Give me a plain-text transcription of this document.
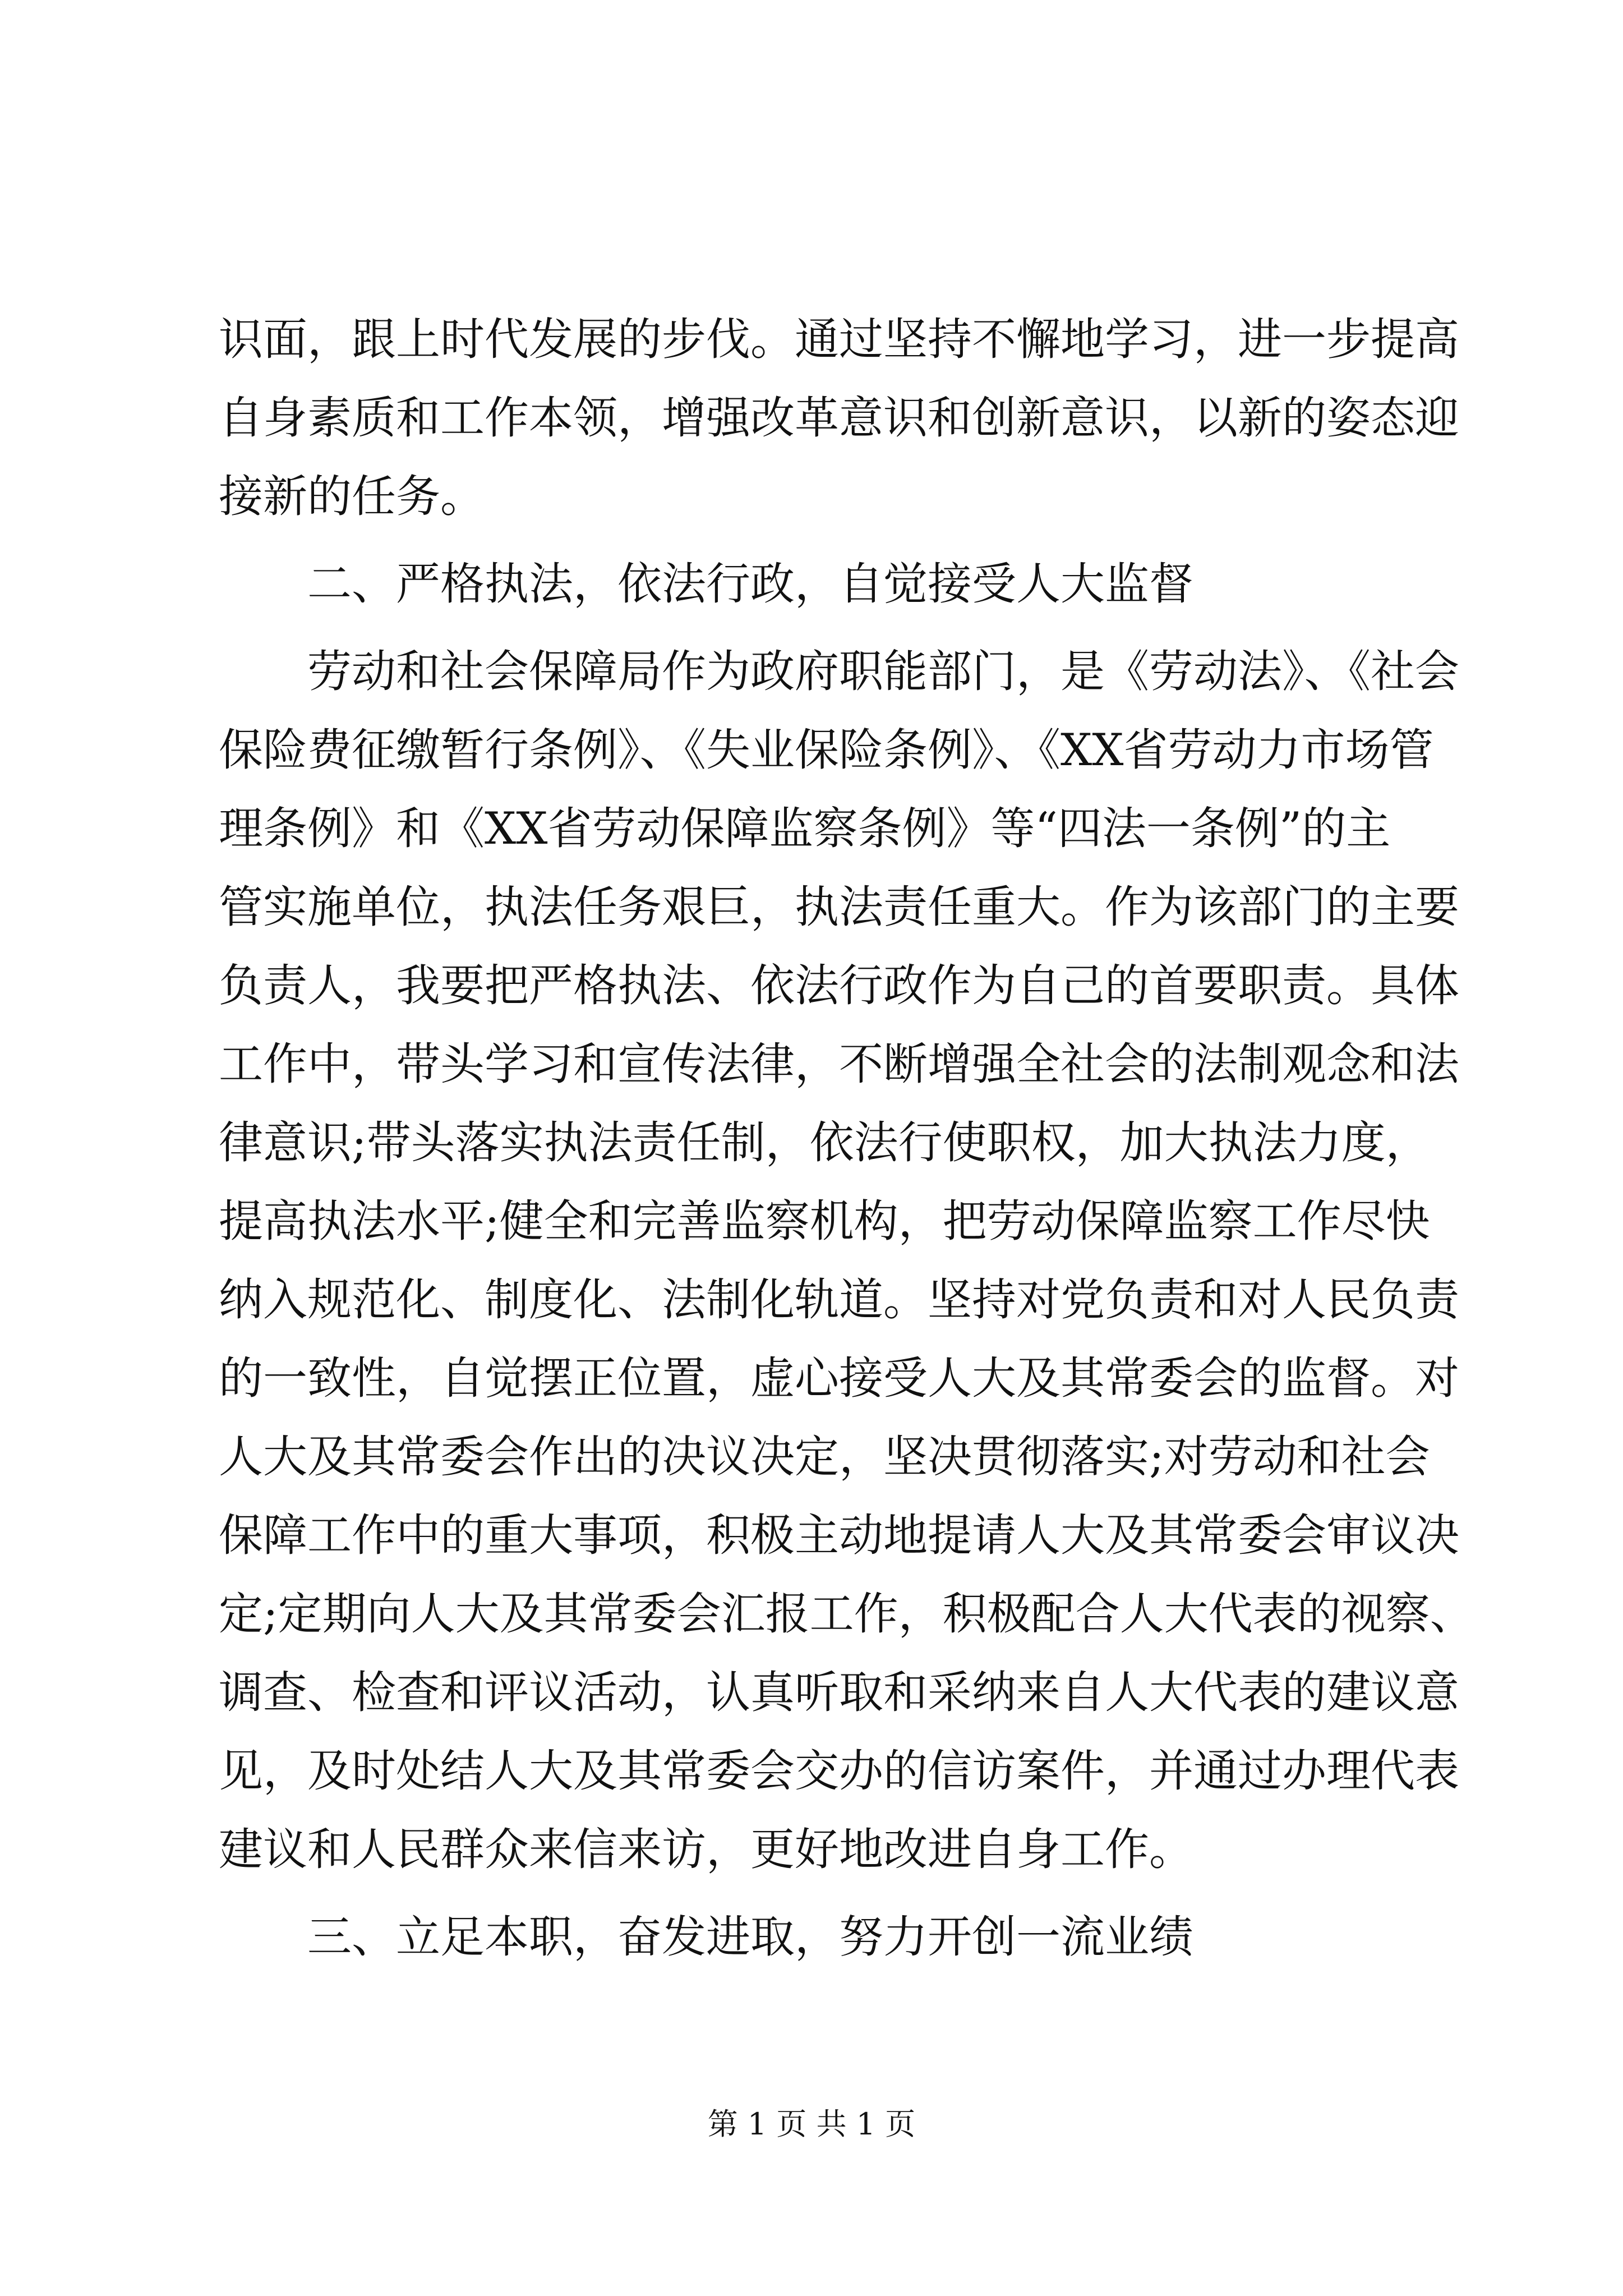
识面，跟上时代发展的步伐。通过坚持不懈地学习，进一步提高
自身素质和工作本领，增强改革意识和创新意识，以新的姿态迎
接新的任务。
二、严格执法，依法行政，自觉接受人大监督
劳动和社会保障局作为政府职能部门，是《劳动法》、《社会
保险费征缴暂行条例》、《失业保险条例》、《XX省劳动力市场管
理条例》和《XX省劳动保障监察条例》等“四法一条例”的主
管实施单位，执法任务艰巨，执法责任重大。作为该部门的主要
负责人，我要把严格执法、依法行政作为自己的首要职责。具体
工作中，带头学习和宣传法律，不断增强全社会的法制观念和法
律意识;带头落实执法责任制，依法行使职权，加大执法力度，
提高执法水平;健全和完善监察机构，把劳动保障监察工作尽快
纳入规范化、制度化、法制化轨道。坚持对党负责和对人民负责
的一致性，自觉摆正位置，虚心接受人大及其常委会的监督。对
人大及其常委会作出的决议决定，坚决贯彻落实;对劳动和社会
保障工作中的重大事项，积极主动地提请人大及其常委会审议决
定;定期向人大及其常委会汇报工作，积极配合人大代表的视察、
调查、检查和评议活动，认真听取和采纳来自人大代表的建议意
见，及时处结人大及其常委会交办的信访案件，并通过办理代表
建议和人民群众来信来访，更好地改进自身工作。
三、立足本职，奋发进取，努力开创一流业绩
第 1 页 共 1 页
